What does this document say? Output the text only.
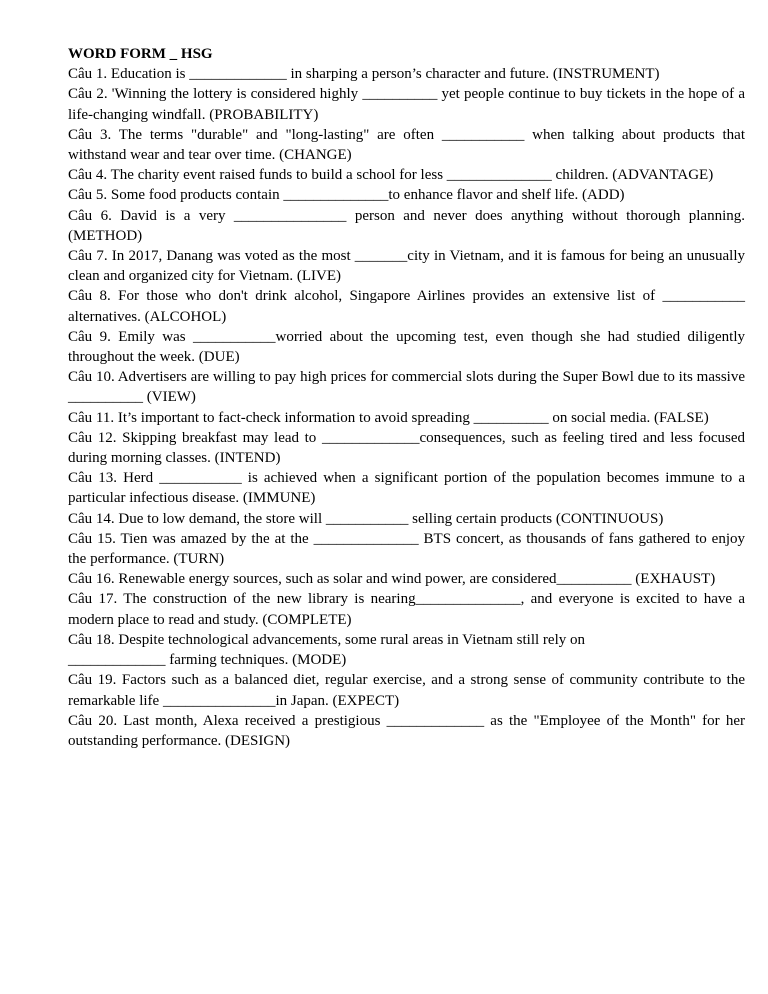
WORD FORM _ HSG

Câu 1. Education is _____________ in sharping a person’s character and future. (INSTRUMENT)

Câu 2. 'Winning the lottery is considered highly __________ yet people continue to buy tickets in the hope of a life-changing windfall. (PROBABILITY)

Câu 3. The terms "durable" and "long-lasting" are often ___________ when talking about products that withstand wear and tear over time. (CHANGE)

Câu 4. The charity event raised funds to build a school for less ______________ children. (ADVANTAGE)

Câu 5. Some food products contain ______________to enhance flavor and shelf life. (ADD)

Câu 6. David is a very _______________ person and never does anything without thorough planning. (METHOD)

Câu 7. In 2017, Danang was voted as the most _______city in Vietnam, and it is famous for being an unusually clean and organized city for Vietnam. (LIVE)

Câu 8. For those who don't drink alcohol, Singapore Airlines provides an extensive list of ___________ alternatives. (ALCOHOL)

Câu 9. Emily was ___________worried about the upcoming test, even though she had studied diligently throughout the week. (DUE)

Câu 10. Advertisers are willing to pay high prices for commercial slots during the Super Bowl due to its massive __________ (VIEW)

Câu 11. It’s important to fact-check information to avoid spreading __________ on social media. (FALSE)

Câu 12. Skipping breakfast may lead to _____________consequences, such as feeling tired and less focused during morning classes. (INTEND)

Câu 13. Herd ___________ is achieved when a significant portion of the population becomes immune to a particular infectious disease. (IMMUNE)

Câu 14. Due to low demand, the store will ___________ selling certain products (CONTINUOUS)

Câu 15. Tien was amazed by the at the ______________ BTS concert, as thousands of fans gathered to enjoy the performance. (TURN)

Câu 16. Renewable energy sources, such as solar and wind power, are considered__________ (EXHAUST)

Câu 17. The construction of the new library is nearing______________, and everyone is excited to have a modern place to read and study. (COMPLETE)

Câu 18. Despite technological advancements, some rural areas in Vietnam still rely on
_____________ farming techniques. (MODE)

Câu 19. Factors such as a balanced diet, regular exercise, and a strong sense of community contribute to the remarkable life _______________in Japan. (EXPECT)

Câu 20. Last month, Alexa received a prestigious _____________ as the "Employee of the Month" for her outstanding performance. (DESIGN)
